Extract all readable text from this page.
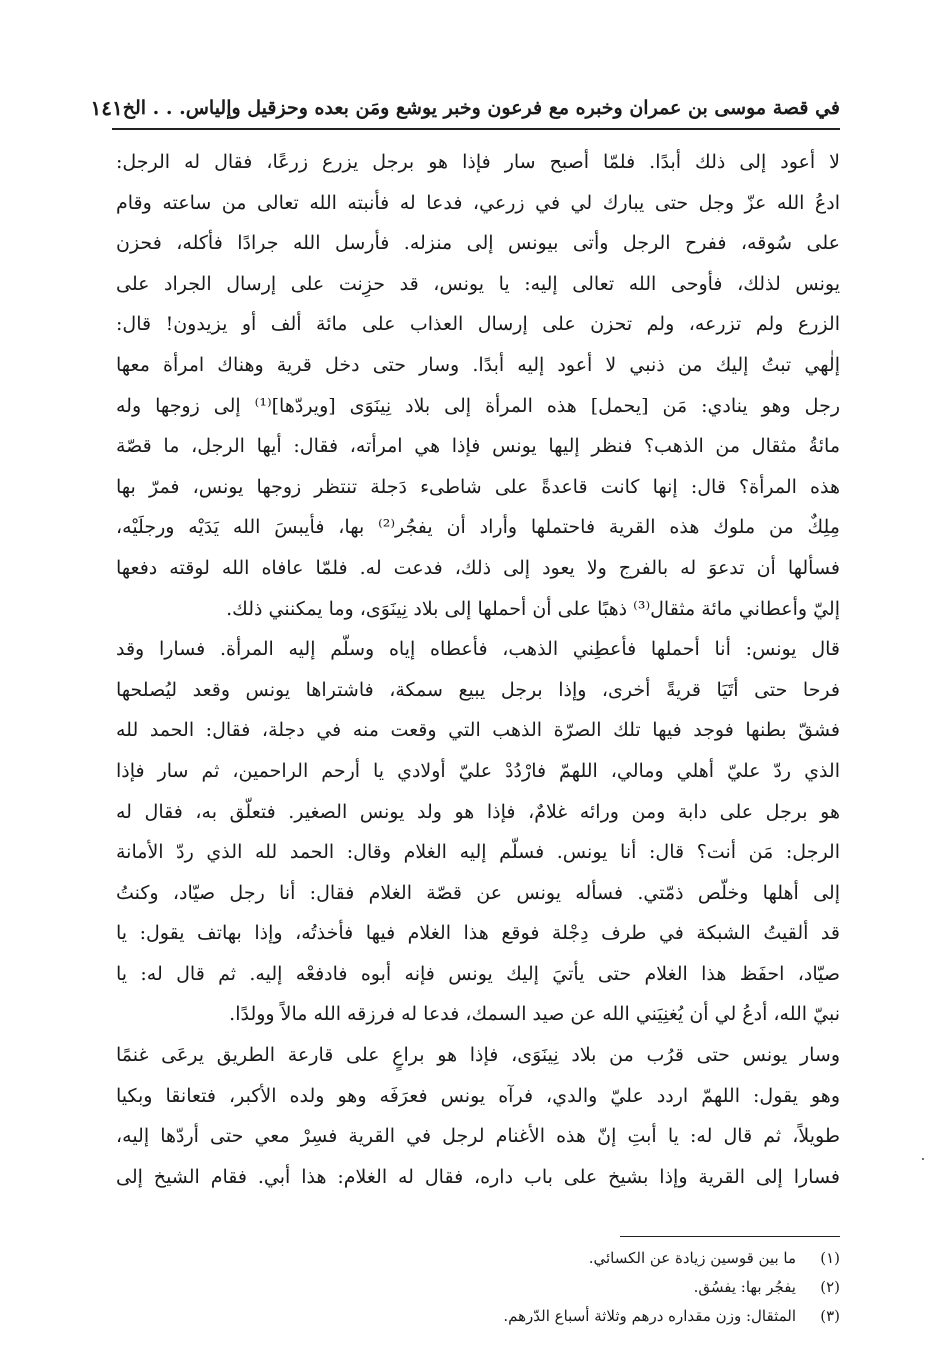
في قصة موسى بن عمران وخبره مع فرعون وخبر يوشع ومَن بعده وحزقيل وإلياس. . . الخ
١٤١
لا أعود إلى ذلك أبدًا. فلمّا أصبح سار فإذا هو برجل يزرع زرعًا، فقال له الرجل:
ادعُ الله عزّ وجل حتى يبارك لي في زرعي، فدعا له فأنبته الله تعالى من ساعته وقام
على سُوقه، ففرح الرجل وأتى بيونس إلى منزله. فأرسل الله جرادًا فأكله، فحزن
يونس لذلك، فأوحى الله تعالى إليه: يا يونس، قد حزِنت على إرسال الجراد على
الزرع ولم تزرعه، ولم تحزن على إرسال العذاب على مائة ألف أو يزيدون! قال:
إلٰهي تبتُ إليك من ذنبي لا أعود إليه أبدًا. وسار حتى دخل قرية وهناك امرأة معها
رجل وهو ينادي: مَن [يحمل] هذه المرأة إلى بلاد نِينَوَى [ويردّها]⁽¹⁾ إلى زوجها وله
مائةُ مثقال من الذهب؟ فنظر إليها يونس فإذا هي امرأته، فقال: أيها الرجل، ما قصّة
هذه المرأة؟ قال: إنها كانت قاعدةً على شاطىء دَجلة تنتظر زوجها يونس، فمرّ بها
مِلِكٌ من ملوك هذه القرية فاحتملها وأراد أن يفجُر⁽²⁾ بها، فأيبسَ الله يَدَيْه ورجلَيْه،
فسألها أن تدعوَ له بالفرج ولا يعود إلى ذلك، فدعت له. فلمّا عافاه الله لوقته دفعها
إليّ وأعطاني مائة مثقال⁽³⁾ ذهبًا على أن أحملها إلى بلاد نِينَوَى، وما يمكنني ذلك.
قال يونس: أنا أحملها فأعطِني الذهب، فأعطاه إياه وسلّم إليه المرأة. فسارا وقد
فرحا حتى أتَيَا قريةً أخرى، وإذا برجل يبيع سمكة، فاشتراها يونس وقعد ليُصلحها
فشقّ بطنها فوجد فيها تلك الصرّة الذهب التي وقعت منه في دجلة، فقال: الحمد لله
الذي ردّ عليّ أهلي ومالي، اللهمّ فارْدُدْ عليّ أولادي يا أرحم الراحمين، ثم سار فإذا
هو برجل على دابة ومن ورائه غلامٌ، فإذا هو ولد يونس الصغير. فتعلّق به، فقال له
الرجل: مَن أنت؟ قال: أنا يونس. فسلّم إليه الغلام وقال: الحمد لله الذي ردّ الأمانة
إلى أهلها وخلّص ذمّتي. فسأله يونس عن قصّة الغلام فقال: أنا رجل صيّاد، وكنتُ
قد ألقيتُ الشبكة في طرف دِجْلة فوقع هذا الغلام فيها فأخذتُه، وإذا بهاتف يقول: يا
صيّاد، احفَظ هذا الغلام حتى يأتيَ إليك يونس فإنه أبوه فادفعْه إليه. ثم قال له: يا
نبيّ الله، أدعُ لي أن يُغنِيَني الله عن صيد السمك، فدعا له فرزقه الله مالاً وولدًا.
وسار يونس حتى قرُب من بلاد نِينَوَى، فإذا هو براعٍ على قارعة الطريق يرعَى غنمًا
وهو يقول: اللهمّ اردد عليّ والدي، فرآه يونس فعرَفَه وهو ولده الأكبر، فتعانقا وبكيا
طويلاً، ثم قال له: يا أبتِ إنّ هذه الأغنام لرجل في القرية فسِرْ معي حتى أردّها إليه،
فسارا إلى القرية وإذا بشيخ على باب داره، فقال له الغلام: هذا أبي. فقام الشيخ إلى
(١)
ما بين قوسين زيادة عن الكسائي.
(٢)
يفجُر بها: يفسُق.
(٣)
المثقال: وزن مقداره درهم وثلاثة أسباع الدّرهم.
